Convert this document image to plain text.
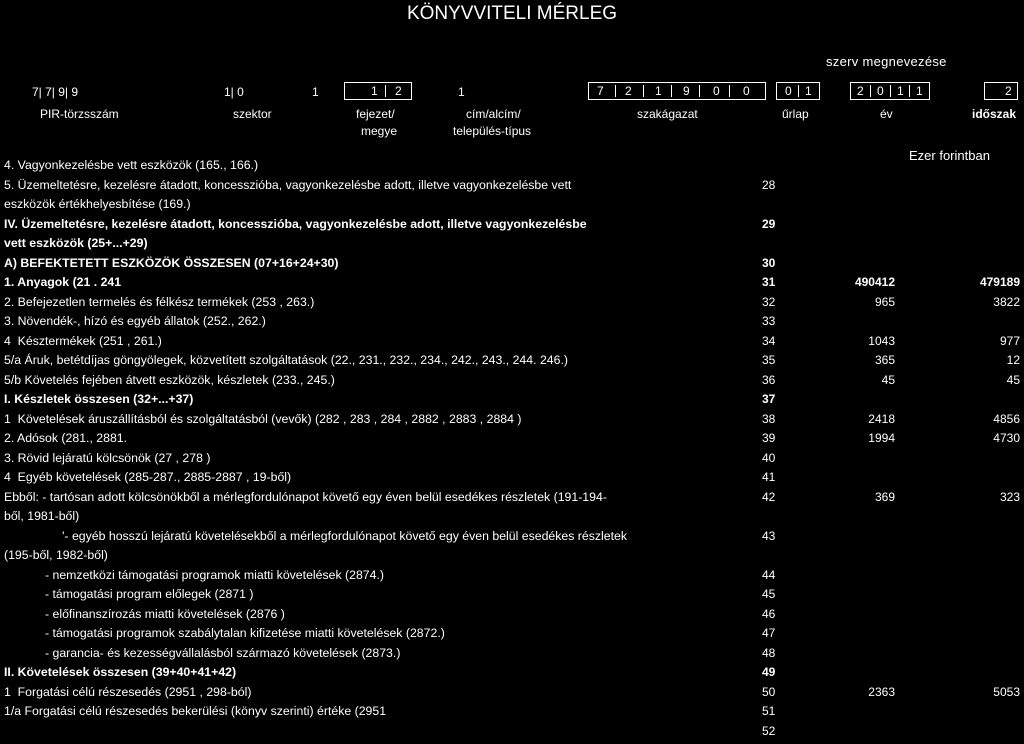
KÖNYVVITELI MÉRLEG
szerv megnevezése
7| 7| 9| 9	1| 0	1	1 2	1	7 2 1 9 0 0	0 1	2 0 1 1	2
PIR-törzsszám	szektor	fejezet/
megye
cím/alcím/
település-típus
szakágazat	űrlap	év	időszak
Ezer forintban
4. Vagyonkezelésbe vett eszközök (165., 166.)
5. Üzemeltetésre, kezelésre átadott, koncesszióba, vagyonkezelésbe adott, illetve vagyonkezelésbe vett	28
eszközök értékhelyesbítése (169.)
IV. Üzemeltetésre, kezelésre átadott, koncesszióba, vagyonkezelésbe adott, illetve vagyonkezelésbe	29
vett eszközök (25+...+29)
A) BEFEKTETETT ESZKÖZÖK ÖSSZESEN (07+16+24+30)	30
1. Anyagok (21 . 241	31	490412	479189
2. Befejezetlen termelés és félkész termékek (253 , 263.)	32	965	3822
3. Növendék-, hízó és egyéb állatok (252., 262.)	33
4  Késztermékek (251 , 261.)	34	1043	977
5/a Áruk, betétdíjas göngyölegek, közvetített szolgáltatások (22., 231., 232., 234., 242., 243., 244. 246.)	35	365	12
5/b Követelés fejében átvett eszközök, készletek (233., 245.)	36	45	45
I. Készletek összesen (32+...+37)	37
1  Követelések áruszállításból és szolgáltatásból (vevők) (282 , 283 , 284 , 2882 , 2883 , 2884 )	38	2418	4856
2. Adósok (281., 2881.	39	1994	4730
3. Rövid lejáratú kölcsönök (27 , 278 )	40
4  Egyéb követelések (285-287., 2885-2887 , 19-ből)	41
Ebből: - tartósan adott kölcsönökből a mérlegfordulónapot követő egy éven belül esedékes részletek (191-194-	42	369	323
ből, 1981-ből)
'- egyéb hosszú lejáratú követelésekből a mérlegfordulónapot követő egy éven belül esedékes részletek	43
(195-ből, 1982-ből)
- nemzetközi támogatási programok miatti követelések (2874.)	44
- támogatási program előlegek (2871 )	45
- előfinanszírozás miatti követelések (2876 )	46
- támogatási programok szabálytalan kifizetése miatti követelések (2872.)	47
- garancia- és kezességvállalásból származó követelések (2873.)	48
II. Követelések összesen (39+40+41+42)	49
1  Forgatási célú részesedés (2951 , 298-ból)	50	2363	5053
1/a Forgatási célú részesedés bekerülési (könyv szerinti) értéke (2951	51
52
